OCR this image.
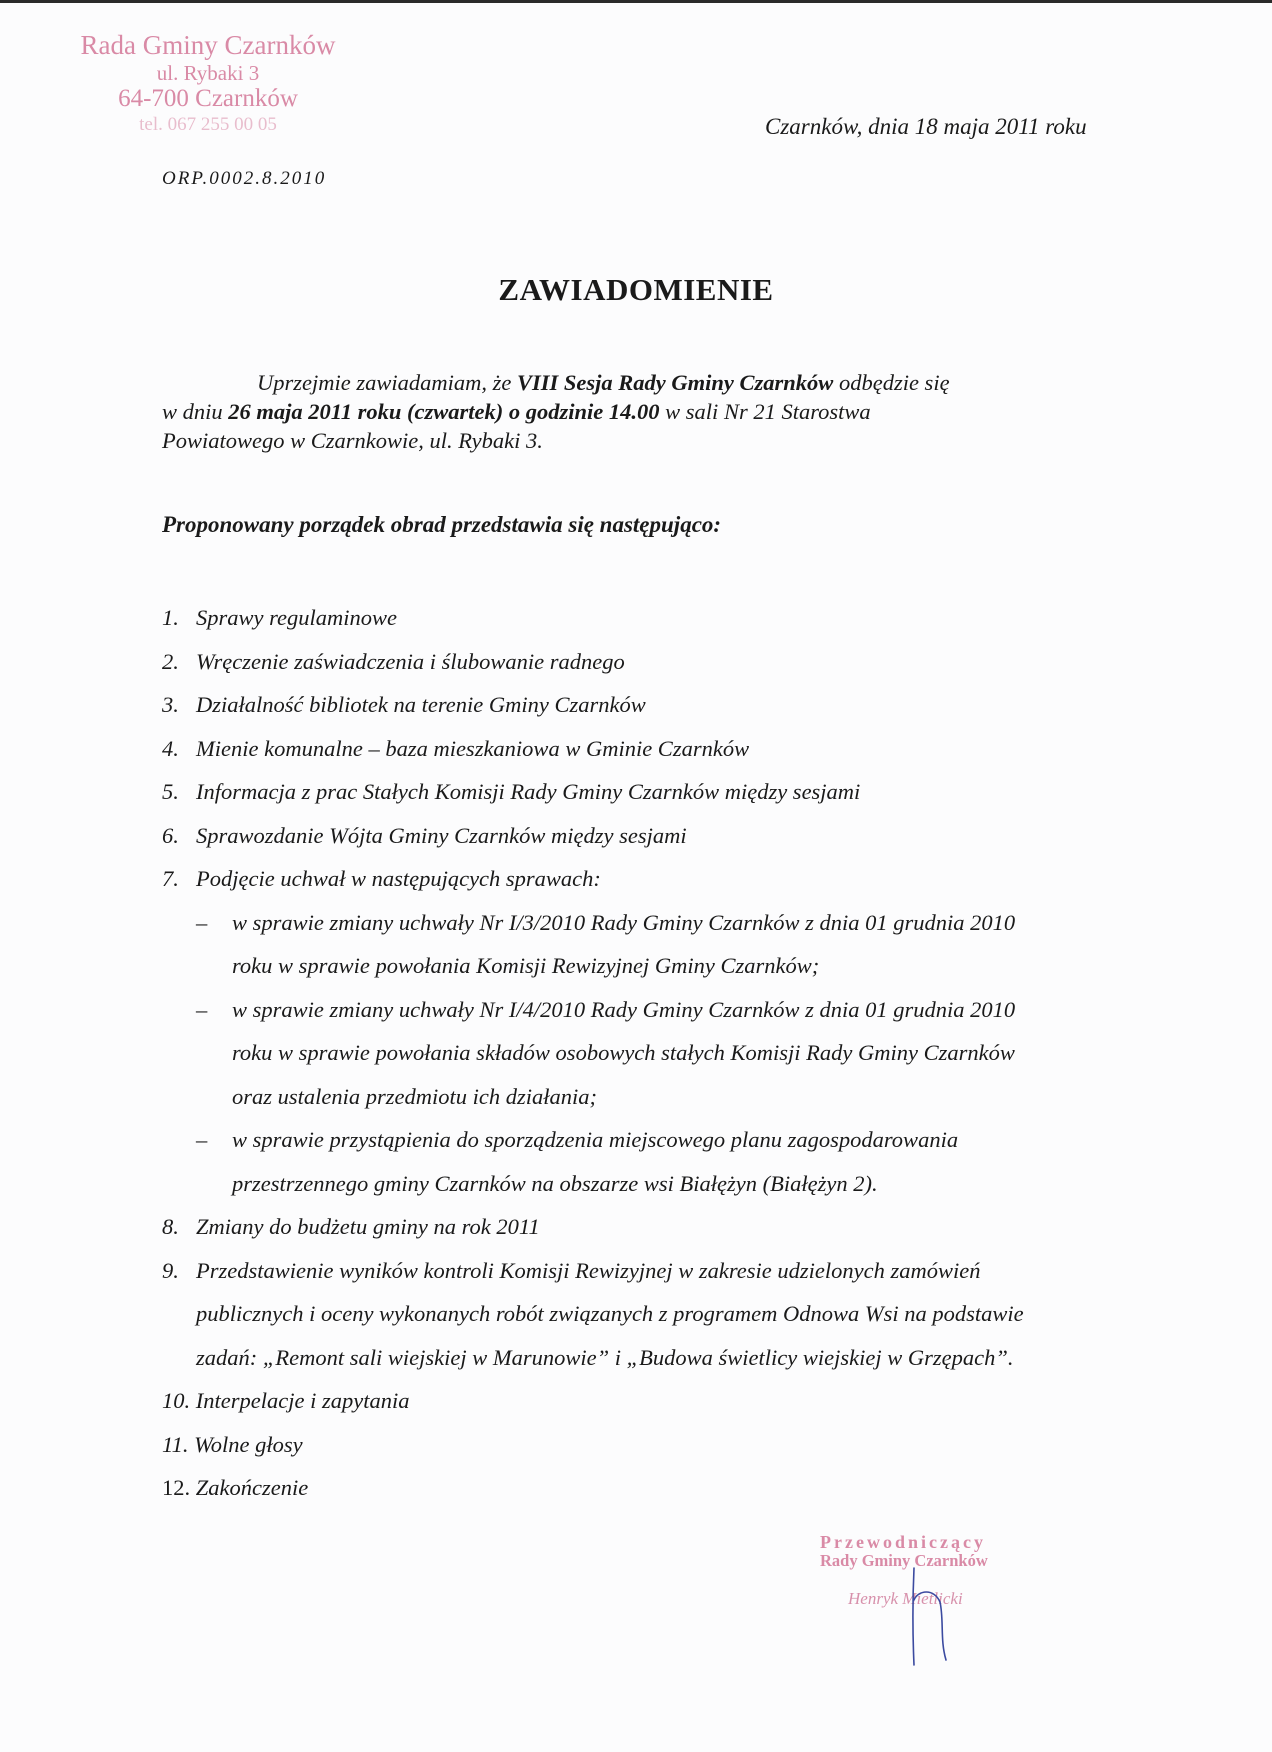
Rada Gminy Czarnków
ul. Rybaki 3
64-700 Czarnków
tel. 067 255 00 05
ORP.0002.8.2010
Czarnków, dnia 18 maja 2011 roku
ZAWIADOMIENIE
Uprzejmie zawiadamiam, że VIII Sesja Rady Gminy Czarnków odbędzie się
w dniu 26 maja 2011 roku (czwartek) o godzinie 14.00 w sali Nr 21 Starostwa
Powiatowego w Czarnkowie, ul. Rybaki 3.
Proponowany porządek obrad przedstawia się następująco:
1. Sprawy regulaminowe
2. Wręczenie zaświadczenia i ślubowanie radnego
3. Działalność bibliotek na terenie Gminy Czarnków
4. Mienie komunalne – baza mieszkaniowa w Gminie Czarnków
5. Informacja z prac Stałych Komisji Rady Gminy Czarnków między sesjami
6. Sprawozdanie Wójta Gminy Czarnków między sesjami
7. Podjęcie uchwał w następujących sprawach:
– w sprawie zmiany uchwały Nr I/3/2010 Rady Gminy Czarnków z dnia 01 grudnia 2010
roku w sprawie powołania Komisji Rewizyjnej Gminy Czarnków;
– w sprawie zmiany uchwały Nr I/4/2010 Rady Gminy Czarnków z dnia 01 grudnia 2010
roku w sprawie powołania składów osobowych stałych Komisji Rady Gminy Czarnków
oraz ustalenia przedmiotu ich działania;
– w sprawie przystąpienia do sporządzenia miejscowego planu zagospodarowania
przestrzennego gminy Czarnków na obszarze wsi Białężyn (Białężyn 2).
8. Zmiany do budżetu gminy na rok 2011
9. Przedstawienie wyników kontroli Komisji Rewizyjnej w zakresie udzielonych zamówień
publicznych i oceny wykonanych robót związanych z programem Odnowa Wsi na podstawie
zadań: „Remont sali wiejskiej w Marunowie” i „Budowa świetlicy wiejskiej w Grzępach”.
10. Interpelacje i zapytania
11. Wolne głosy
12. Zakończenie
Przewodniczący
Rady Gminy Czarnków
Henryk Mietlicki
